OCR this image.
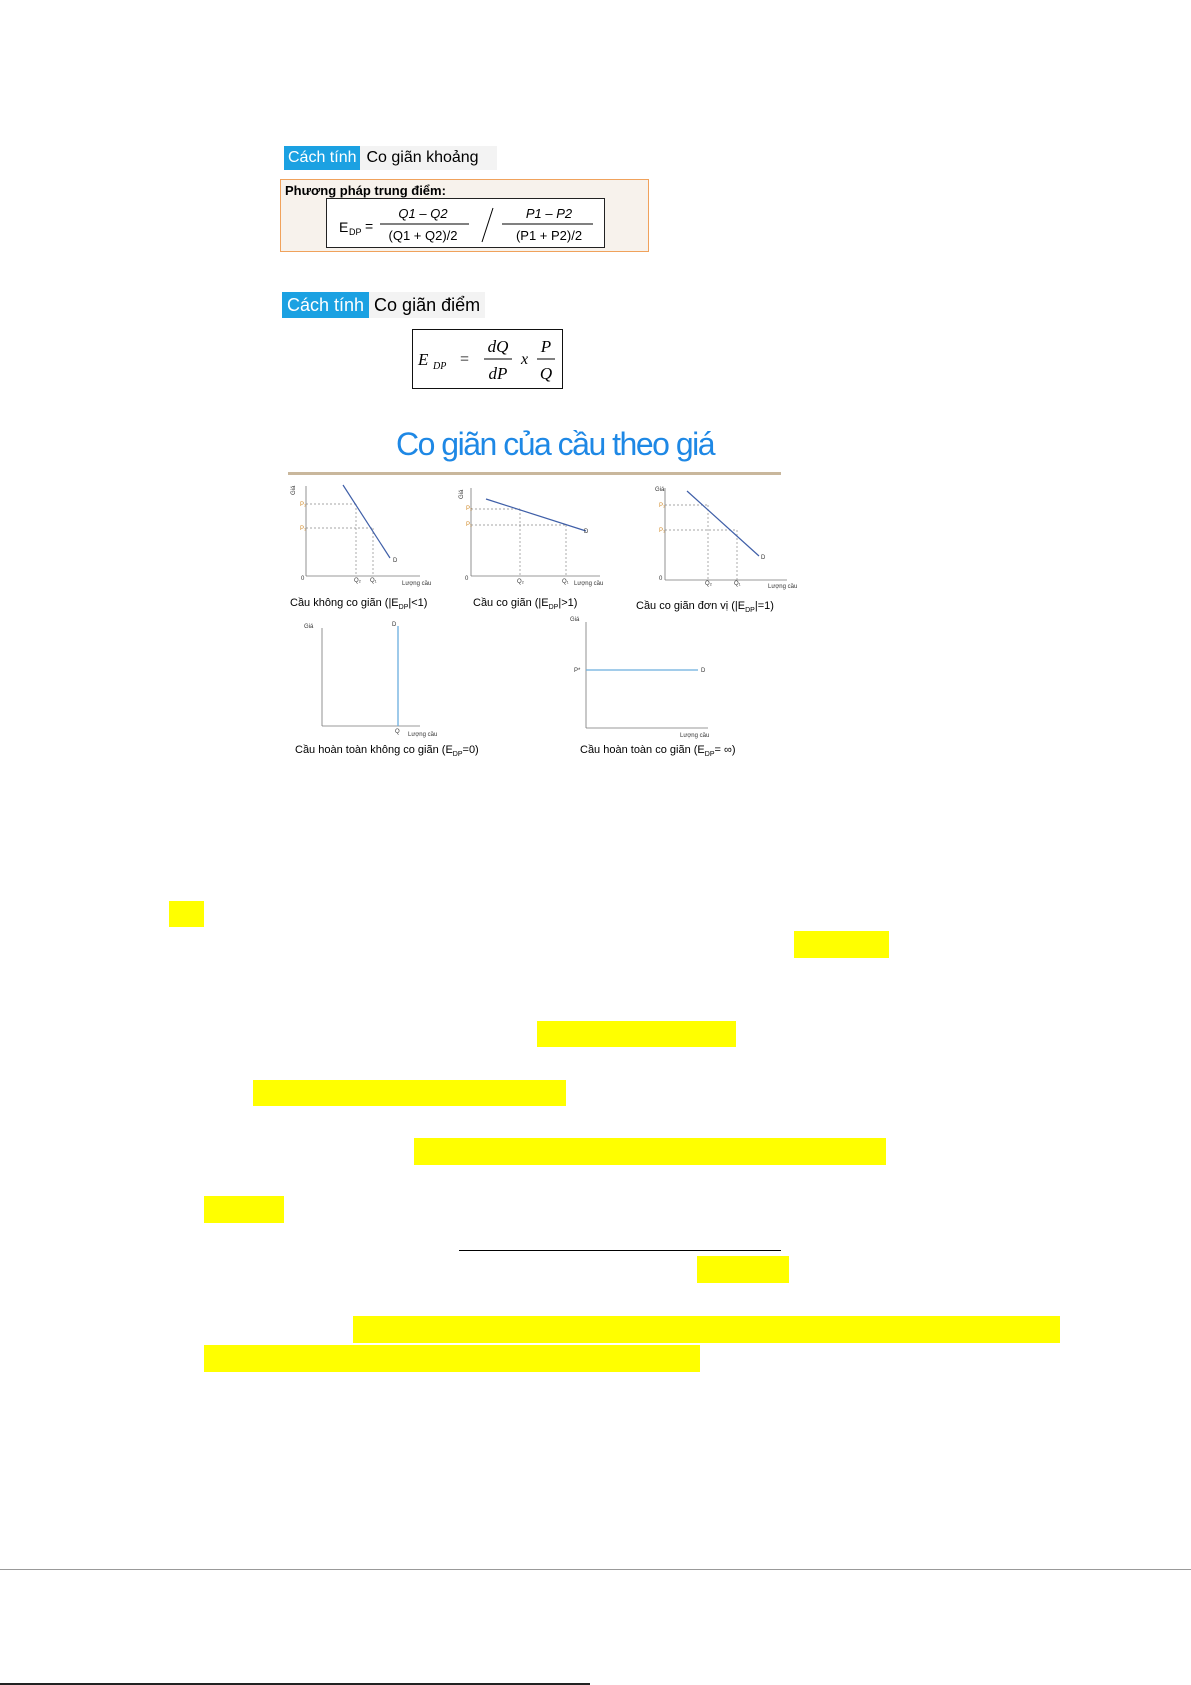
Cách tính Co giãn khoảng
Phương pháp trung điểm:
E DP =
Q1 – Q2
(Q1 + Q2)/2
P1 – P2
(P1 + P2)/2
Cách tính Co giãn điểm
E DP =
dQ
dP
x
P
Q
Co giãn của cầu theo giá
Giá
0
Lượng cầu
P₂
P₁
Q₂ Q₁
D
Giá
0
Lượng cầu
P₂
P₁
Q₂	Q₁
D
Giá
0
Lượng cầu
P₂
P₁
Q₂	Q₁
D
Cầu không co giãn $(|E_{DP}|<1)$	Cầu co giãn $(|E_{DP}|>1)$	Cầu co giãn đơn vị $(|E_{DP}|=1)$
Giá
Lượng cầu
D
Q
Giá
Lượng cầu
P*	D
Cầu hoàn toàn không co giãn $(E_{DP}=0)$	Cầu hoàn toàn co giãn ($E_{DP}=$ ∞)
